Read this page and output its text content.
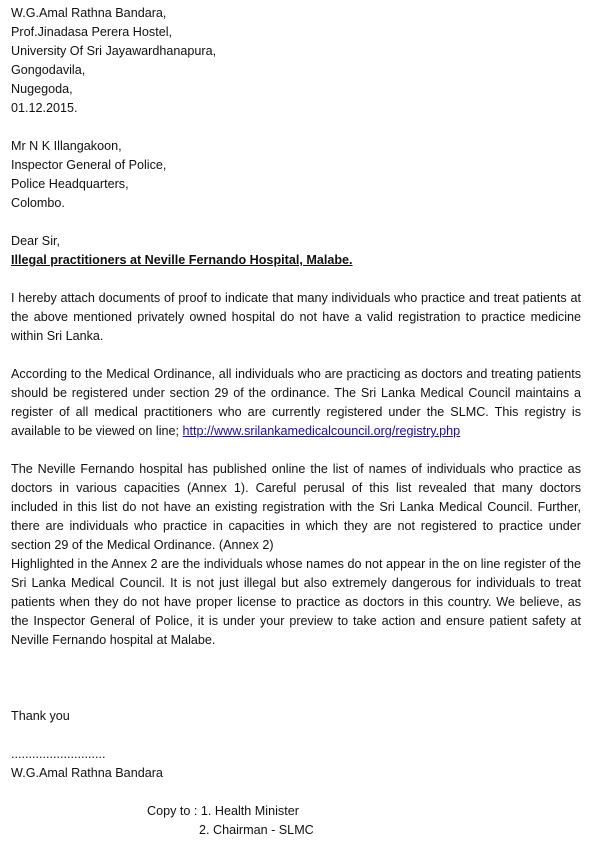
W.G.Amal Rathna Bandara,
Prof.Jinadasa Perera Hostel,
University Of Sri Jayawardhanapura,
Gongodavila,
Nugegoda,
01.12.2015.
Mr N K Illangakoon,
Inspector General of Police,
Police Headquarters,
Colombo.
Dear Sir,
Illegal practitioners at Neville Fernando Hospital, Malabe.

I hereby attach documents of proof to indicate that many individuals who practice and treat patients at the above mentioned privately owned hospital do not have a valid registration to practice medicine within Sri Lanka.

According to the Medical Ordinance, all individuals who are practicing as doctors and treating patients should be registered under section 29 of the ordinance. The Sri Lanka Medical Council maintains a register of all medical practitioners who are currently registered under the SLMC. This registry is available to be viewed on line; http://www.srilankamedicalcouncil.org/registry.php

The Neville Fernando hospital has published online the list of names of individuals who practice as doctors in various capacities (Annex 1). Careful perusal of this list revealed that many doctors included in this list do not have an existing registration with the Sri Lanka Medical Council. Further, there are individuals who practice in capacities in which they are not registered to practice under section 29 of the Medical Ordinance. (Annex 2)

Highlighted in the Annex 2 are the individuals whose names do not appear in the on line register of the Sri Lanka Medical Council. It is not just illegal but also extremely dangerous for individuals to treat patients when they do not have proper license to practice as doctors in this country. We believe, as the Inspector General of Police, it is under your preview to take action and ensure patient safety at Neville Fernando hospital at Malabe.

Thank you
...........................
W.G.Amal Rathna Bandara
Copy to : 1. Health Minister
2. Chairman - SLMC
